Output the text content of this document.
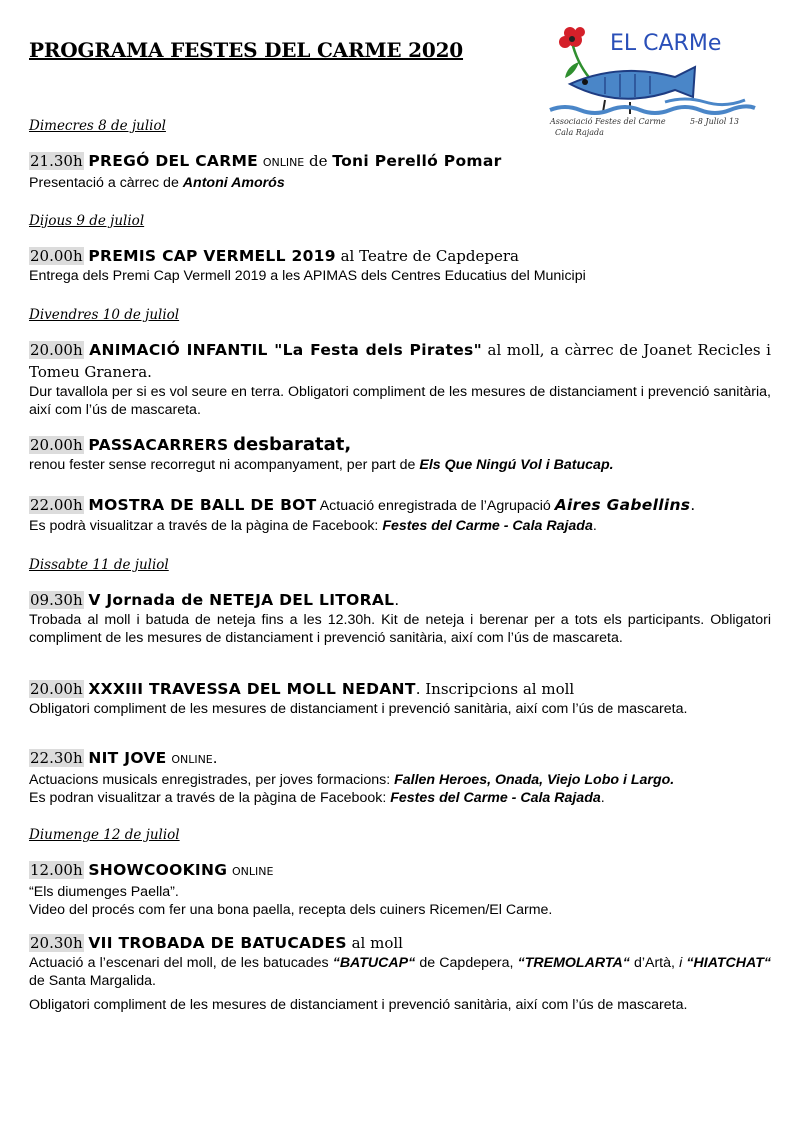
PROGRAMA FESTES DEL CARME 2020	EL CARMe
Associació Festes del Carme
Cala Rajada
5-8 Juliol 13
Dimecres 8 de juliol

21.30h PREGÓ DEL CARME ONLINE de Toni Perelló Pomar

Presentació a càrrec de Antoni Amorós

Dijous 9 de juliol

20.00h PREMIS CAP VERMELL 2019 al Teatre de Capdepera

Entrega dels Premi Cap Vermell 2019 a les APIMAS dels Centres Educatius del Municipi

Divendres 10 de juliol

20.00h ANIMACIÓ INFANTIL "La Festa dels Pirates" al moll, a càrrec de Joanet Recicles i Tomeu Granera.

Dur tavallola per si es vol seure en terra. Obligatori compliment de les mesures de distanciament i prevenció sanitària, així com l’ús de mascareta.

20.00h PASSACARRERS desbaratat,

renou fester sense recorregut ni acompanyament, per part de Els Que Ningú Vol i Batucap.

22.00h MOSTRA DE BALL DE BOT Actuació enregistrada de l’Agrupació Aires Gabellins.

Es podrà visualitzar a través de la pàgina de Facebook: Festes del Carme - Cala Rajada.

Dissabte 11 de juliol

09.30h V Jornada de NETEJA DEL LITORAL.

Trobada al moll i batuda de neteja fins a les 12.30h. Kit de neteja i berenar per a tots els participants. Obligatori compliment de les mesures de distanciament i prevenció sanitària, així com l’ús de mascareta.

20.00h XXXIII TRAVESSA DEL MOLL NEDANT. Inscripcions al moll

Obligatori compliment de les mesures de distanciament i prevenció sanitària, així com l’ús de mascareta.

22.30h NIT JOVE ONLINE.

Actuacions musicals enregistrades, per joves formacions: Fallen Heroes, Onada, Viejo Lobo i Largo.

Es podran visualitzar a través de la pàgina de Facebook: Festes del Carme - Cala Rajada.

Diumenge 12 de juliol

12.00h SHOWCOOKING ONLINE

“Els diumenges Paella”.

Video del procés com fer una bona paella, recepta dels cuiners Ricemen/El Carme.

20.30h VII TROBADA DE BATUCADES al moll

Actuació a l’escenari del moll, de les batucades “BATUCAP“ de Capdepera, “TREMOLARTA“ d’Artà, i “HIATCHAT“ de Santa Margalida.

Obligatori compliment de les mesures de distanciament i prevenció sanitària, així com l’ús de mascareta.
